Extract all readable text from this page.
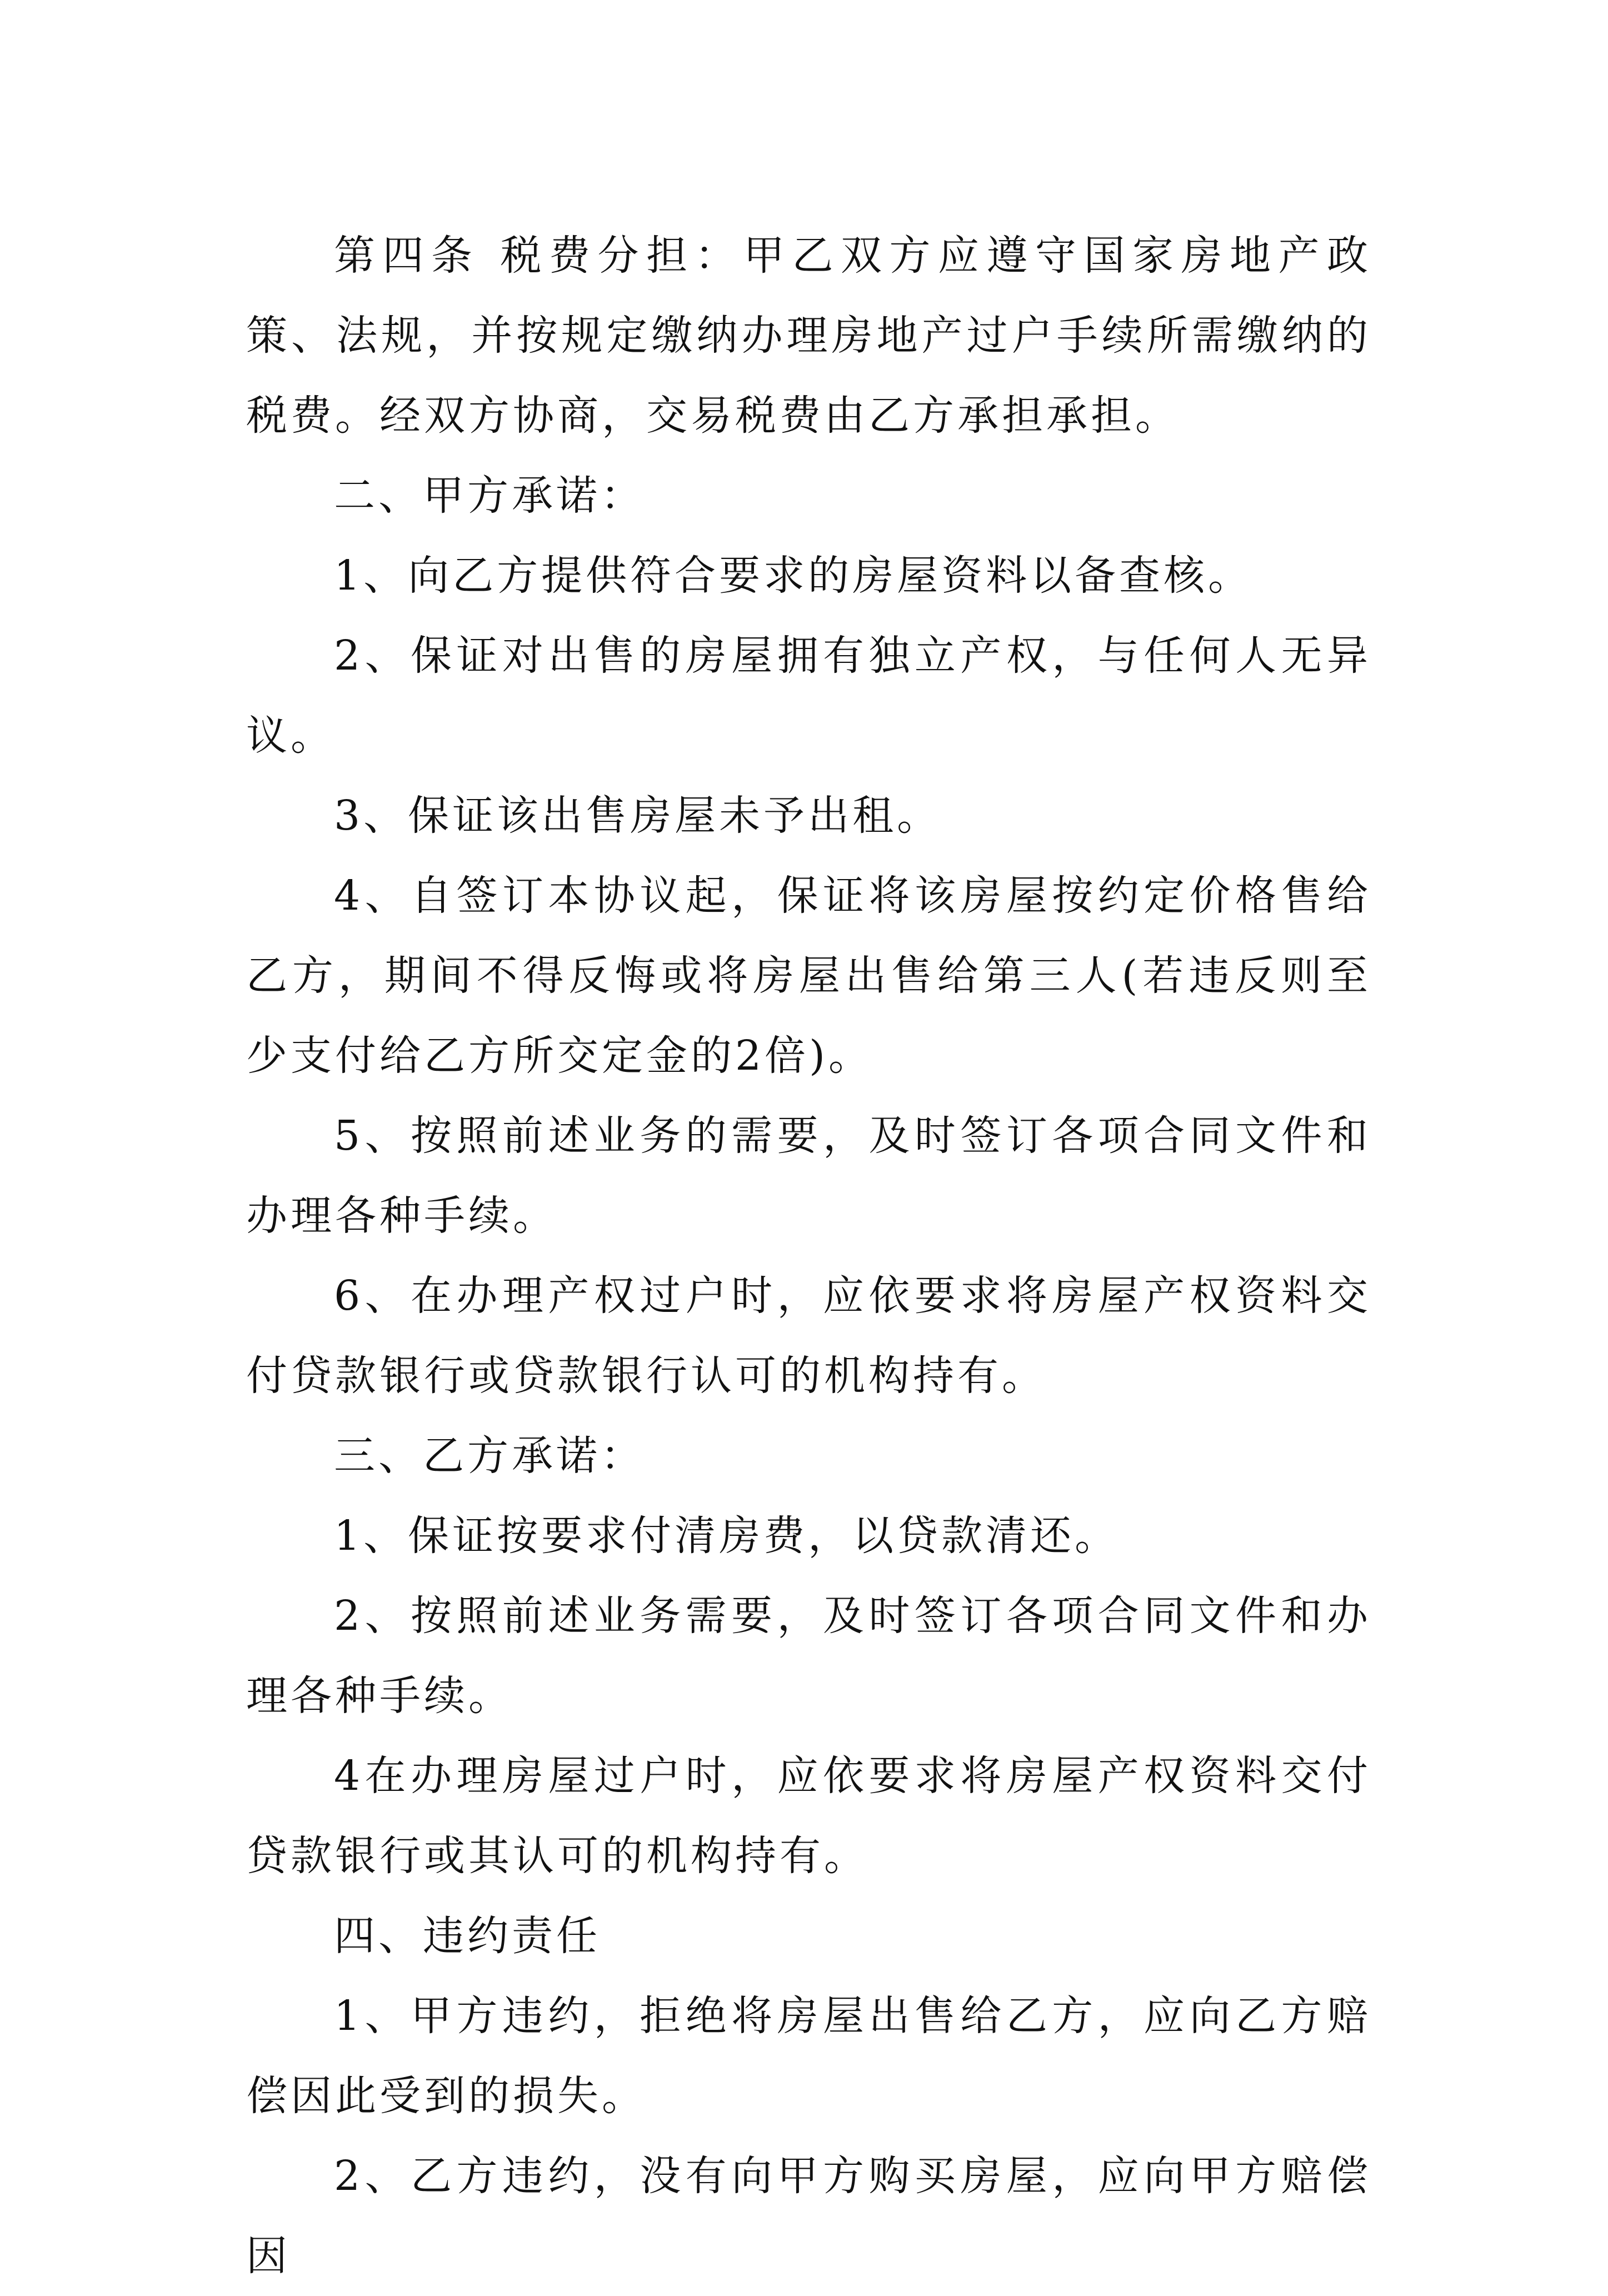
第四条 税费分担：甲乙双方应遵守国家房地产政策、法规，并按规定缴纳办理房地产过户手续所需缴纳的税费。经双方协商，交易税费由乙方承担承担。

二、甲方承诺：

1、向乙方提供符合要求的房屋资料以备查核。

2、保证对出售的房屋拥有独立产权，与任何人无异议。

3、保证该出售房屋未予出租。

4、自签订本协议起，保证将该房屋按约定价格售给乙方，期间不得反悔或将房屋出售给第三人(若违反则至少支付给乙方所交定金的2倍)。

5、按照前述业务的需要，及时签订各项合同文件和办理各种手续。

6、在办理产权过户时，应依要求将房屋产权资料交付贷款银行或贷款银行认可的机构持有。

三、乙方承诺：

1、保证按要求付清房费，以贷款清还。

2、按照前述业务需要，及时签订各项合同文件和办理各种手续。

4在办理房屋过户时，应依要求将房屋产权资料交付贷款银行或其认可的机构持有。

四、违约责任

1、甲方违约，拒绝将房屋出售给乙方，应向乙方赔偿因此受到的损失。

2、乙方违约，没有向甲方购买房屋，应向甲方赔偿因
